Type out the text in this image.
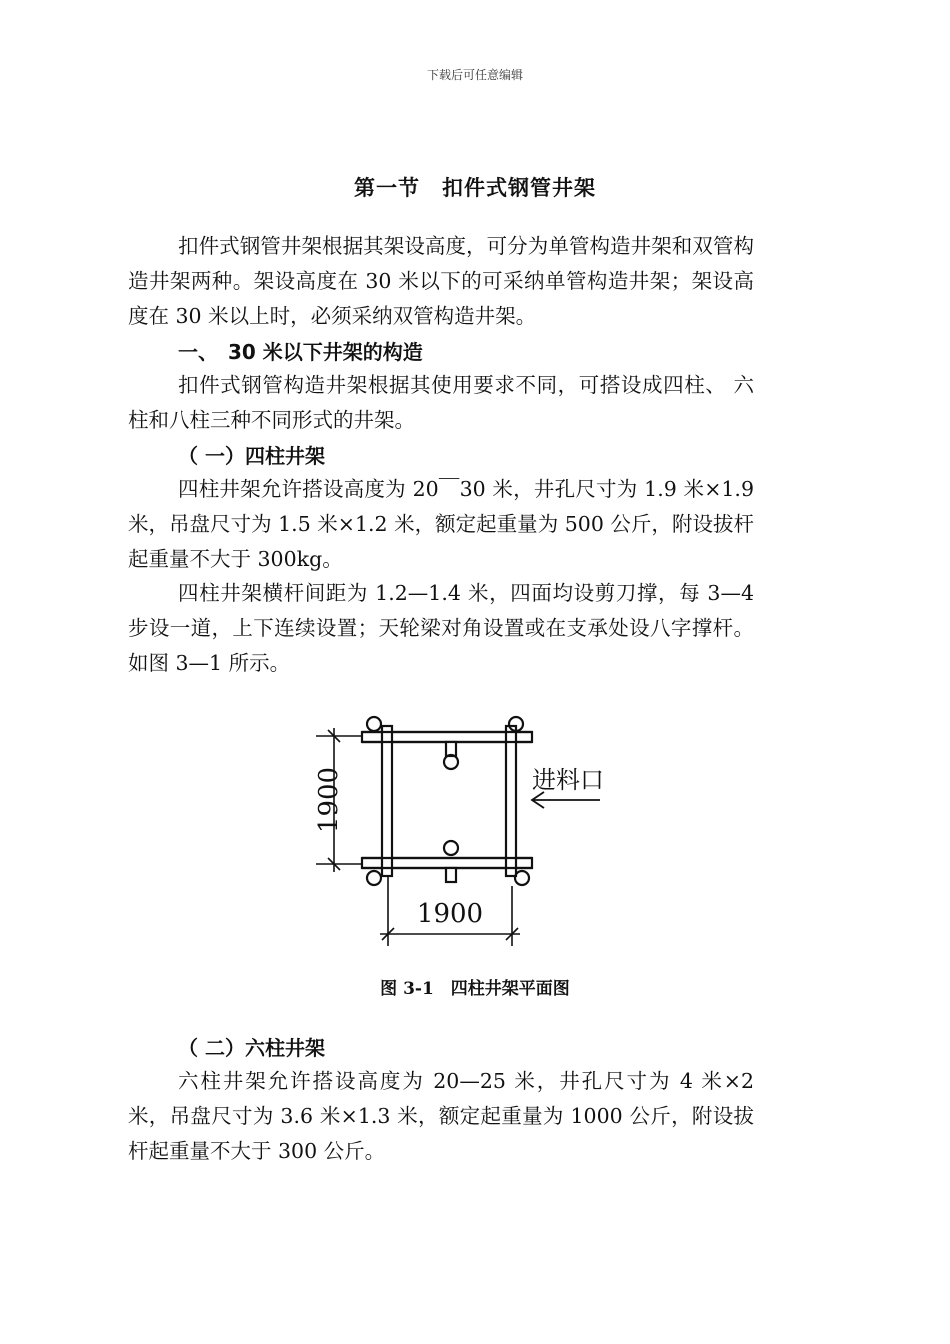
下载后可任意编辑
第一节　扣件式钢管井架
扣件式钢管井架根据其架设高度，可分为单管构造井架和双管构造井架两种。架设高度在 30 米以下的可采纳单管构造井架；架设高度在 30 米以上时，必须采纳双管构造井架。
一、　30 米以下井架的构造
扣件式钢管构造井架根据其使用要求不同，可搭设成四柱、 六柱和八柱三种不同形式的井架。
（ 一）四柱井架
四柱井架允许搭设高度为 20￣30 米，井孔尺寸为 1.9 米×1.9 米，吊盘尺寸为 1.5 米×1.2 米，额定起重量为 500 公斤，附设拔杆起重量不大于 300kg。
四柱井架横杆间距为 1.2—1.4 米，四面均设剪刀撑，每 3—4 步设一道，上下连续设置；天轮梁对角设置或在支承处设八字撑杆。如图 3—1 所示。
1900
1900
进料口
图 3-1　四柱井架平面图
（ 二）六柱井架
六柱井架允许搭设高度为 20—25 米，井孔尺寸为 4 米×2 米，吊盘尺寸为 3.6 米×1.3 米，额定起重量为 1000 公斤，附设拔杆起重量不大于 300 公斤。
